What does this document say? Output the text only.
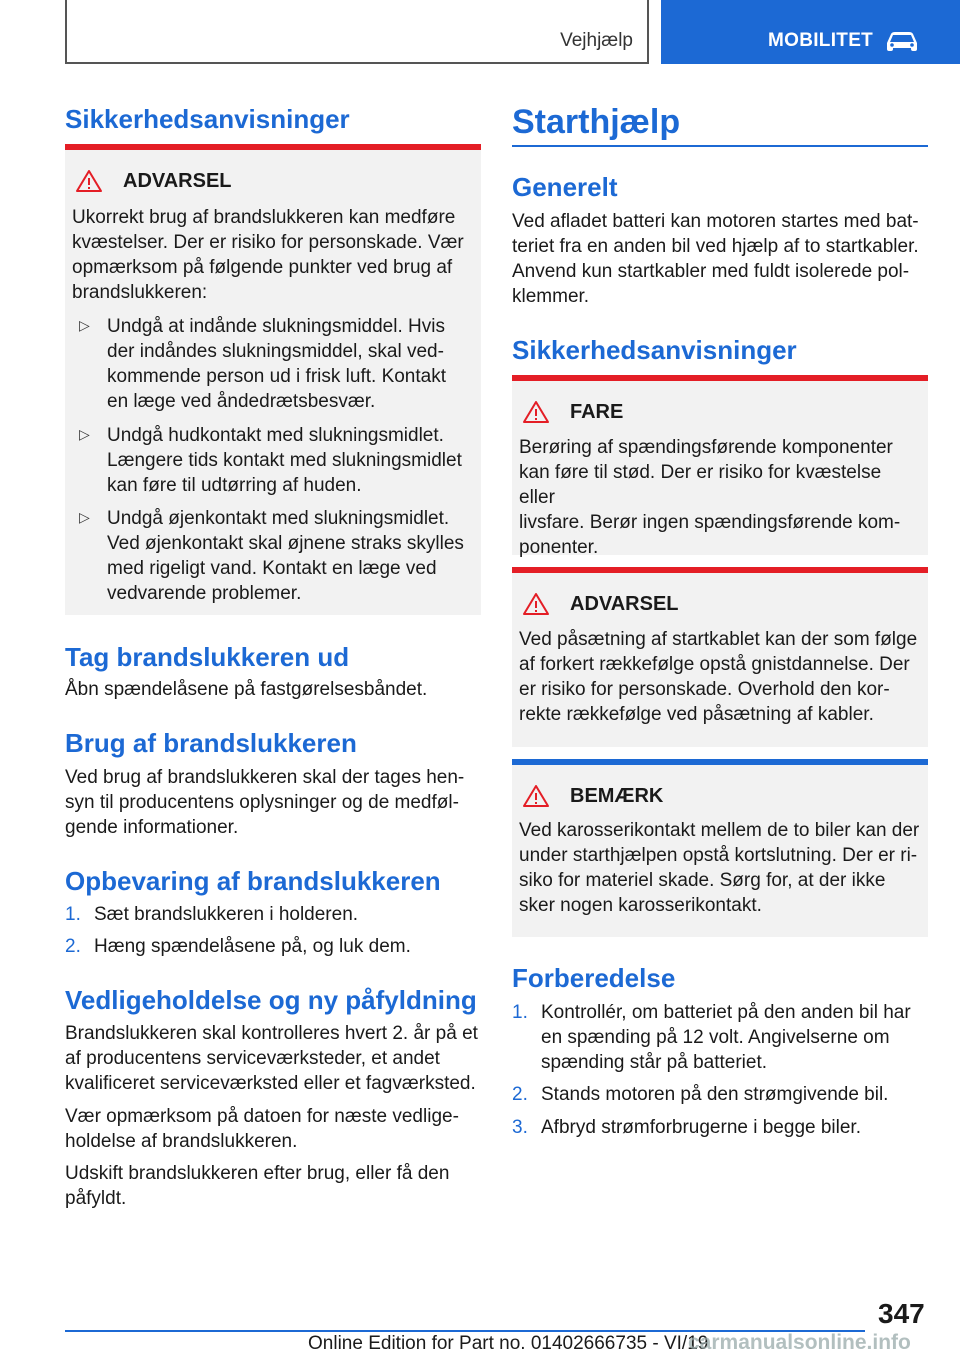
Vejhjælp	MOBILITET
Sikkerhedsanvisninger
ADVARSEL
Ukorrekt brug af brandslukkeren kan medføre
kvæstelser. Der er risiko for personskade. Vær
opmærksom på følgende punkter ved brug af
brandslukkeren:
▷ Undgå at indånde slukningsmiddel. Hvis
der indåndes slukningsmiddel, skal ved-
kommende person ud i frisk luft. Kontakt
en læge ved åndedrætsbesvær.
▷ Undgå hudkontakt med slukningsmidlet.
Længere tids kontakt med slukningsmidlet
kan føre til udtørring af huden.
▷ Undgå øjenkontakt med slukningsmidlet.
Ved øjenkontakt skal øjnene straks skylles
med rigeligt vand. Kontakt en læge ved
vedvarende problemer.
Tag brandslukkeren ud
Åbn spændelåsene på fastgørelsesbåndet.
Brug af brandslukkeren
Ved brug af brandslukkeren skal der tages hen-
syn til producentens oplysninger og de medføl-
gende informationer.
Opbevaring af brandslukkeren
1. Sæt brandslukkeren i holderen.
2. Hæng spændelåsene på, og luk dem.
Vedligeholdelse og ny påfyldning
Brandslukkeren skal kontrolleres hvert 2. år på et
af producentens serviceværksteder, et andet
kvalificeret serviceværksted eller et fagværksted.
Vær opmærksom på datoen for næste vedlige-
holdelse af brandslukkeren.
Udskift brandslukkeren efter brug, eller få den
påfyldt.
Starthjælp
Generelt
Ved afladet batteri kan motoren startes med bat-
teriet fra en anden bil ved hjælp af to startkabler.
Anvend kun startkabler med fuldt isolerede pol-
klemmer.
Sikkerhedsanvisninger
FARE
Berøring af spændingsførende komponenter
kan føre til stød. Der er risiko for kvæstelse eller
livsfare. Berør ingen spændingsførende kom-
ponenter.
ADVARSEL
Ved påsætning af startkablet kan der som følge
af forkert rækkefølge opstå gnistdannelse. Der
er risiko for personskade. Overhold den kor-
rekte rækkefølge ved påsætning af kabler.
BEMÆRK
Ved karosserikontakt mellem de to biler kan der
under starthjælpen opstå kortslutning. Der er ri-
siko for materiel skade. Sørg for, at der ikke
sker nogen karosserikontakt.
Forberedelse
1. Kontrollér, om batteriet på den anden bil har
en spænding på 12 volt. Angivelserne om
spænding står på batteriet.
2. Stands motoren på den strømgivende bil.
3. Afbryd strømforbrugerne i begge biler.
347
Online Edition for Part no. 01402666735 - VI/19
carmanualsonline.info
